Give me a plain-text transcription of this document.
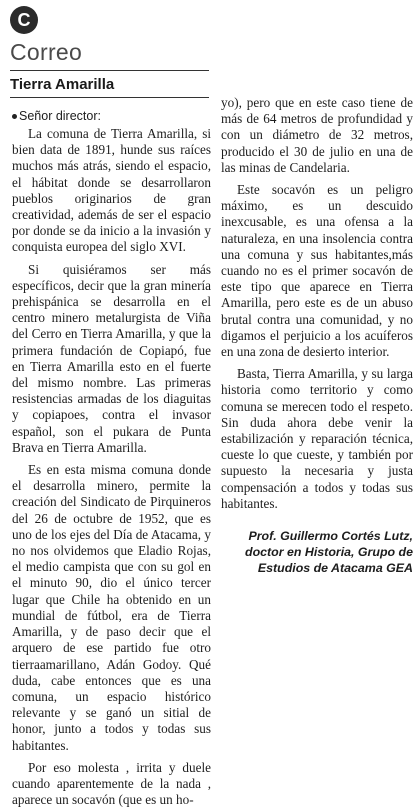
C
Correo
Tierra Amarilla

Señor director:

La comuna de Tierra Amarilla, si bien data de 1891, hunde sus raíces muchos más atrás, siendo el espacio, el hábitat donde se desarrollaron pueblos originarios de gran creatividad, además de ser el espacio por donde se da inicio a la invasión y conquista europea del siglo XVI.

Si quisiéramos ser más específicos, decir que la gran minería prehispánica se desarrolla en el centro minero metalurgista de Viña del Cerro en Tierra Amarilla, y que la primera fundación de Copiapó, fue en Tierra Amarilla esto en el fuerte del mismo nombre. Las primeras resistencias armadas de los diaguitas y copiapoes, contra el invasor español, son el pukara de Punta Brava en Tierra Amarilla.

Es en esta misma comuna donde el desarrolla minero, permite la creación del Sindicato de Pirquineros del 26 de octubre de 1952, que es uno de los ejes del Día de Atacama, y no nos olvidemos que Eladio Rojas, el medio campista que con su gol en el minuto 90, dio el único tercer lugar que Chile ha obtenido en un mundial de fútbol, era de Tierra Amarilla, y de paso decir que el arquero de ese partido fue otro tierraamarillano, Adán Godoy. Qué duda, cabe entonces que es una comuna, un espacio histórico relevante y se ganó un sitial de honor, junto a todos y todas sus habitantes.

Por eso molesta , irrita y duele cuando aparentemente de la nada , aparece un socavón (que es un ho-

yo), pero que en este caso tiene de más de 64 metros de profundidad y con un diámetro de 32 metros, producido el 30 de julio en una de las minas de Candelaria.

Este socavón es un peligro máximo, es un descuido inexcusable, es una ofensa a la naturaleza, en una insolencia contra una comuna y sus habitantes,más cuando no es el primer socavón de este tipo que aparece en Tierra Amarilla, pero este es de un abuso brutal contra una comunidad, y no digamos el perjuicio a los acuíferos en una zona de desierto interior.

Basta, Tierra Amarilla, y su larga historia como territorio y como comuna se merecen todo el respeto. Sin duda ahora debe venir la estabilización y reparación técnica, cueste lo que cueste, y también por supuesto la necesaria y justa compensación a todos y todas sus habitantes.

Prof. Guillermo Cortés Lutz, doctor en Historia, Grupo de Estudios de Atacama GEA
